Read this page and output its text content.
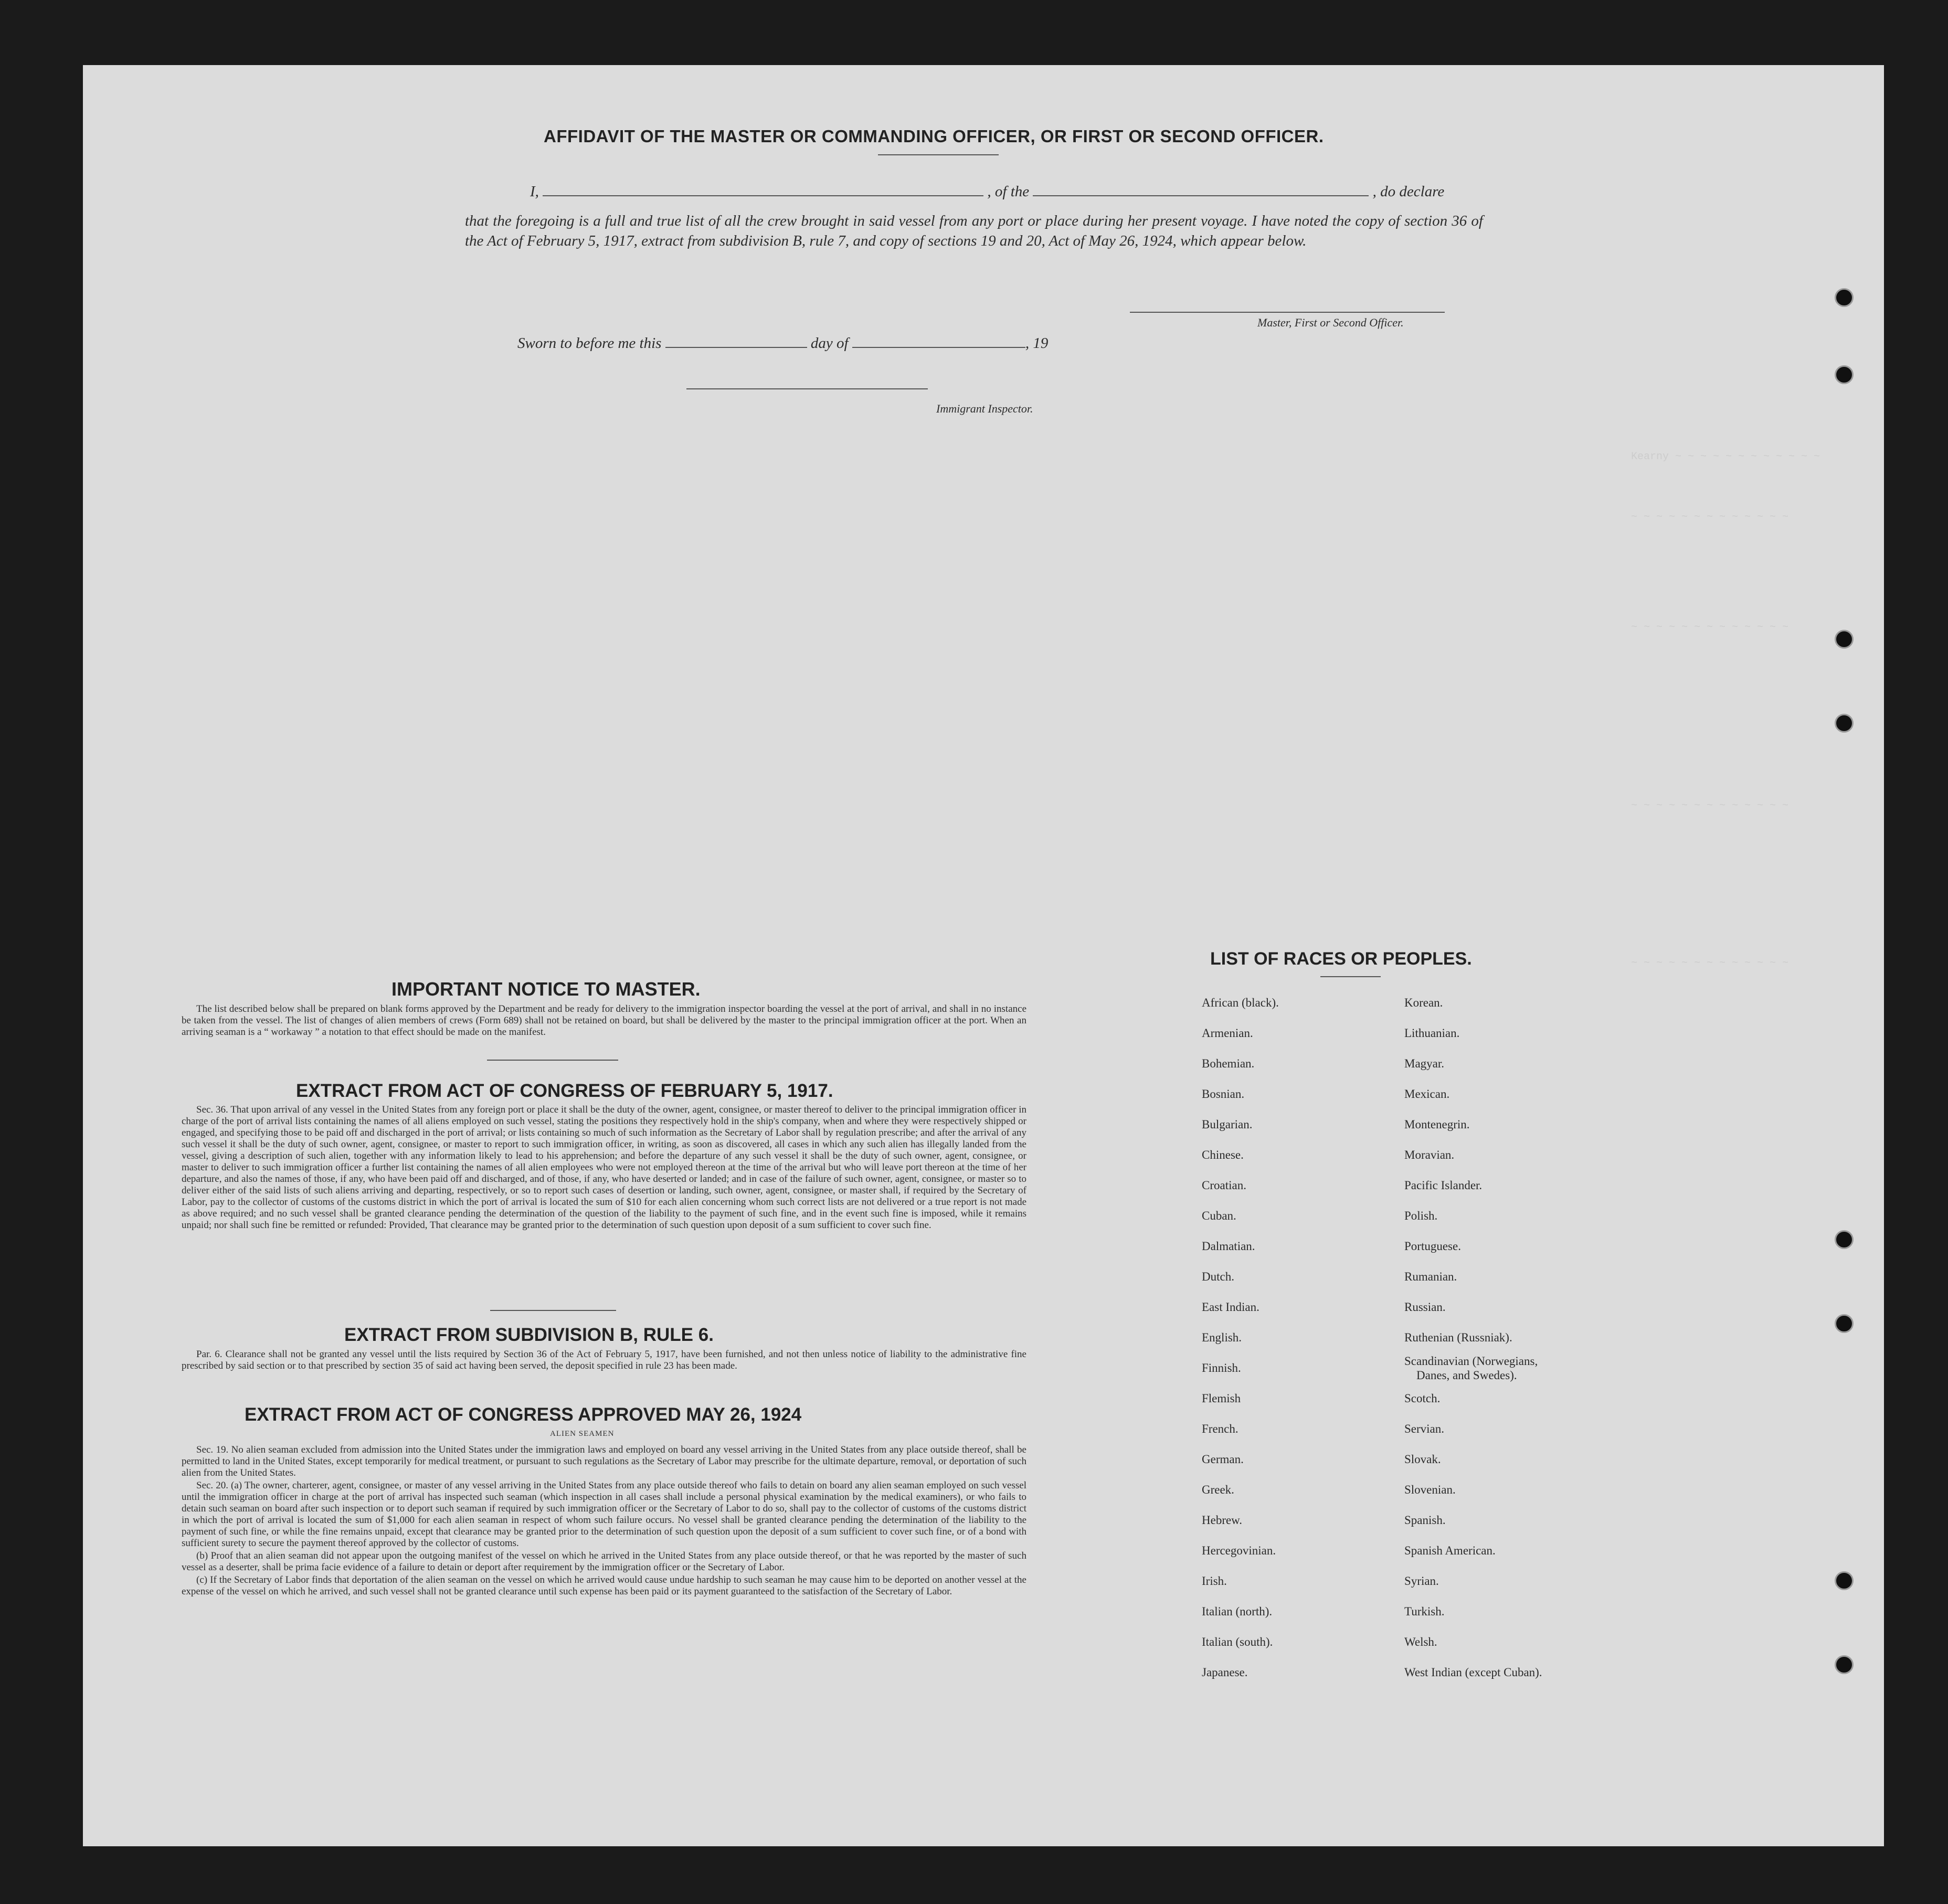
Kearny ~ ~ ~ ~ ~ ~ ~ ~ ~ ~ ~ ~
~ ~ ~ ~ ~ ~ ~ ~ ~ ~ ~ ~ ~
~ ~ ~ ~ ~ ~ ~ ~ ~ ~ ~ ~ ~
~ ~ ~ ~ ~ ~ ~ ~ ~ ~ ~ ~ ~
~ ~ ~ ~ ~ ~ ~ ~ ~ ~ ~ ~ ~
AFFIDAVIT OF THE MASTER OR COMMANDING OFFICER, OR FIRST OR SECOND OFFICER.
I,	, of the	, do declare
that the foregoing is a full and true list of all the crew brought in said vessel from any port or place during her present voyage. I have noted the copy of section 36 of the Act of February 5, 1917, extract from subdivision B, rule 7, and copy of sections 19 and 20, Act of May 26, 1924, which appear below.
Master, First or Second Officer.
Sworn to before me this	day of	, 19
Immigrant Inspector.
IMPORTANT NOTICE TO MASTER.

The list described below shall be prepared on blank forms approved by the Department and be ready for delivery to the immigration inspector boarding the vessel at the port of arrival, and shall in no instance be taken from the vessel. The list of changes of alien members of crews (Form 689) shall not be retained on board, but shall be delivered by the master to the principal immigration officer at the port. When an arriving seaman is a “ workaway ” a notation to that effect should be made on the manifest.

EXTRACT FROM ACT OF CONGRESS OF FEBRUARY 5, 1917.

Sec. 36. That upon arrival of any vessel in the United States from any foreign port or place it shall be the duty of the owner, agent, consignee, or master thereof to deliver to the principal immigration officer in charge of the port of arrival lists containing the names of all aliens employed on such vessel, stating the positions they respectively hold in the ship's company, when and where they were respectively shipped or engaged, and specifying those to be paid off and discharged in the port of arrival; or lists containing so much of such information as the Secretary of Labor shall by regulation prescribe; and after the arrival of any such vessel it shall be the duty of such owner, agent, consignee, or master to report to such immigration officer, in writing, as soon as discovered, all cases in which any such alien has illegally landed from the vessel, giving a description of such alien, together with any information likely to lead to his apprehension; and before the departure of any such vessel it shall be the duty of such owner, agent, consignee, or master to deliver to such immigration officer a further list containing the names of all alien employees who were not employed thereon at the time of the arrival but who will leave port thereon at the time of her departure, and also the names of those, if any, who have been paid off and discharged, and of those, if any, who have deserted or landed; and in case of the failure of such owner, agent, consignee, or master so to deliver either of the said lists of such aliens arriving and departing, respectively, or so to report such cases of desertion or landing, such owner, agent, consignee, or master shall, if required by the Secretary of Labor, pay to the collector of customs of the customs district in which the port of arrival is located the sum of $10 for each alien concerning whom such correct lists are not delivered or a true report is not made as above required; and no such vessel shall be granted clearance pending the determination of the question of the liability to the payment of such fine, and in the event such fine is imposed, while it remains unpaid; nor shall such fine be remitted or refunded: Provided, That clearance may be granted prior to the determination of such question upon deposit of a sum sufficient to cover such fine.

EXTRACT FROM SUBDIVISION B, RULE 6.

Par. 6. Clearance shall not be granted any vessel until the lists required by Section 36 of the Act of February 5, 1917, have been furnished, and not then unless notice of liability to the administrative fine prescribed by said section or to that prescribed by section 35 of said act having been served, the deposit specified in rule 23 has been made.

EXTRACT FROM ACT OF CONGRESS APPROVED MAY 26, 1924
ALIEN SEAMEN

Sec. 19. No alien seaman excluded from admission into the United States under the immigration laws and employed on board any vessel arriving in the United States from any place outside thereof, shall be permitted to land in the United States, except temporarily for medical treatment, or pursuant to such regulations as the Secretary of Labor may prescribe for the ultimate departure, removal, or deportation of such alien from the United States.

Sec. 20. (a) The owner, charterer, agent, consignee, or master of any vessel arriving in the United States from any place outside thereof who fails to detain on board any alien seaman employed on such vessel until the immigration officer in charge at the port of arrival has inspected such seaman (which inspection in all cases shall include a personal physical examination by the medical examiners), or who fails to detain such seaman on board after such inspection or to deport such seaman if required by such immigration officer or the Secretary of Labor to do so, shall pay to the collector of customs of the customs district in which the port of arrival is located the sum of $1,000 for each alien seaman in respect of whom such failure occurs. No vessel shall be granted clearance pending the determination of the liability to the payment of such fine, or while the fine remains unpaid, except that clearance may be granted prior to the determination of such question upon the deposit of a sum sufficient to cover such fine, or of a bond with sufficient surety to secure the payment thereof approved by the collector of customs.

(b) Proof that an alien seaman did not appear upon the outgoing manifest of the vessel on which he arrived in the United States from any place outside thereof, or that he was reported by the master of such vessel as a deserter, shall be prima facie evidence of a failure to detain or deport after requirement by the immigration officer or the Secretary of Labor.

(c) If the Secretary of Labor finds that deportation of the alien seaman on the vessel on which he arrived would cause undue hardship to such seaman he may cause him to be deported on another vessel at the expense of the vessel on which he arrived, and such vessel shall not be granted clearance until such expense has been paid or its payment guaranteed to the satisfaction of the Secretary of Labor.

LIST OF RACES OR PEOPLES.
African (black).
Armenian.
Bohemian.
Bosnian.
Bulgarian.
Chinese.
Croatian.
Cuban.
Dalmatian.
Dutch.
East Indian.
English.
Finnish.
Flemish
French.
German.
Greek.
Hebrew.
Hercegovinian.
Irish.
Italian (north).
Italian (south).
Japanese.
Korean.
Lithuanian.
Magyar.
Mexican.
Montenegrin.
Moravian.
Pacific Islander.
Polish.
Portuguese.
Rumanian.
Russian.
Ruthenian (Russniak).
Scandinavian (Norwegians,
Danes, and Swedes).
Scotch.
Servian.
Slovak.
Slovenian.
Spanish.
Spanish American.
Syrian.
Turkish.
Welsh.
West Indian (except Cuban).
